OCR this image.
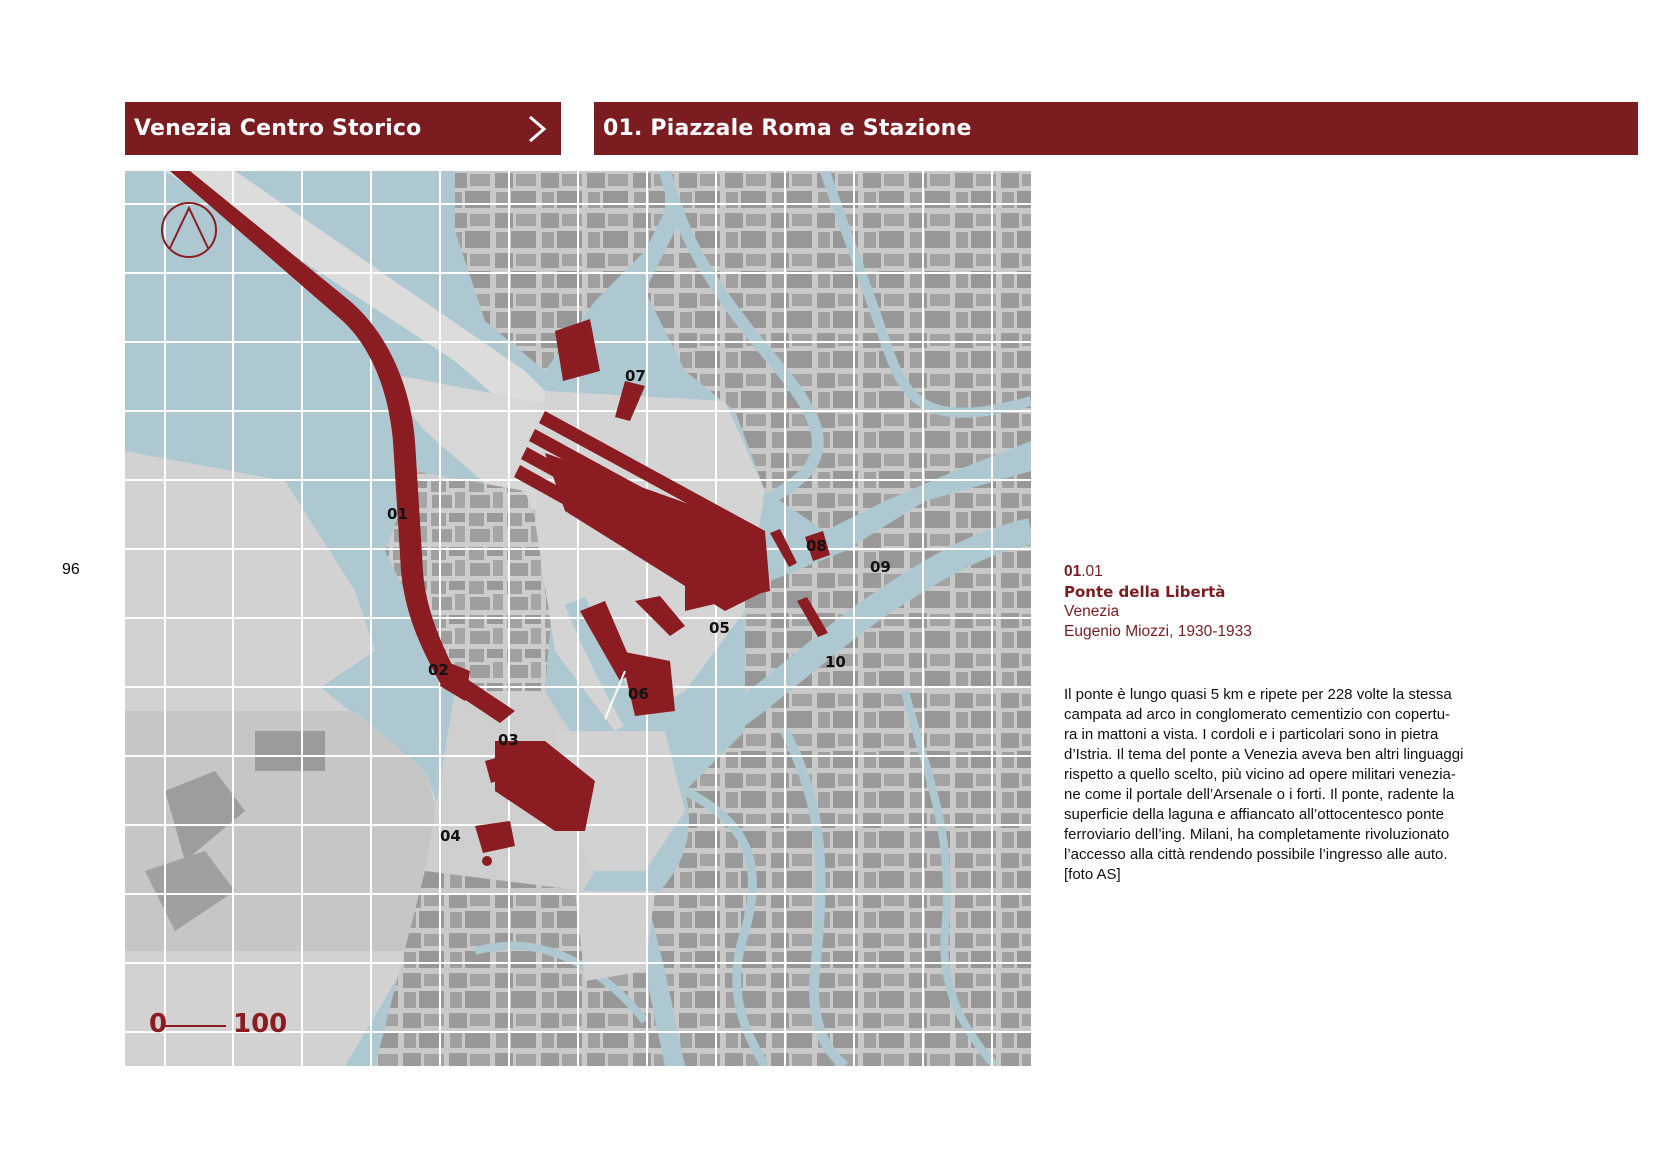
96
Venezia Centro Storico	01. Piazzale Roma e Stazione
01
02
03
04
05
06
07
08
09
10
0	100
01.01
Ponte della Libertà
Venezia
Eugenio Miozzi, 1930-1933
Il ponte è lungo quasi 5 km e ripete per 228 volte la stessa
campata ad arco in conglomerato cementizio con copertu-
ra in mattoni a vista. I cordoli e i particolari sono in pietra
d’Istria. Il tema del ponte a Venezia aveva ben altri linguaggi
rispetto a quello scelto, più vicino ad opere militari venezia-
ne come il portale dell’Arsenale o i forti. Il ponte, radente la
superficie della laguna e affiancato all’ottocentesco ponte
ferroviario dell’ing. Milani, ha completamente rivoluzionato
l’accesso alla città rendendo possibile l’ingresso alle auto.
[foto AS]
